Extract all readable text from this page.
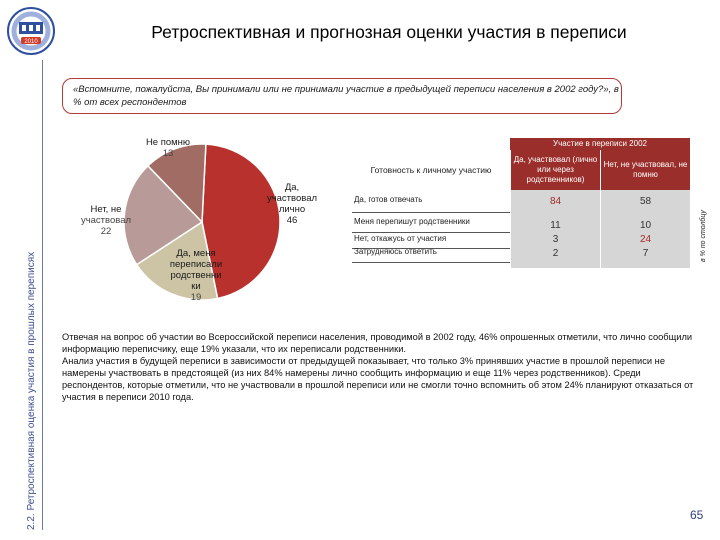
2010	Ретроспективная и прогнозная оценки участия в переписи
2.2. Ретроспективная оценка участия в прошлых переписях
«Вспомните, пожалуйста, Вы принимали или не принимали участие в предыдущей переписи населения в 2002 году?», в % от всех респондентов
Да,
участвовал
лично
46
Да, меня
переписали
родственни
ки
19
Нет, не
участвовал
22
Не помню
13
Участие в переписи 2002
Готовность к личному участию
Да, участвовал (лично или через родственников)
Нет, не участвовал, не помню
Да, готов отвечать	84	58
Меня перепишут родственники	11	10
Нет, откажусь от участия	3	24
Затрудняюсь ответить	2	7	в % по столбцу

Отвечая на вопрос об участии во Всероссийской переписи населения, проводимой в 2002 году, 46% опрошенных отметили, что лично сообщили информацию переписчику, еще 19% указали, что их переписали родственники.

Анализ участия в будущей переписи в зависимости от предыдущей показывает, что только 3% принявших участие в прошлой переписи не намерены участвовать в предстоящей (из них 84% намерены лично сообщить информацию и еще 11% через родственников). Среди респондентов, которые отметили, что не участвовали в прошлой переписи или не смогли точно вспомнить об этом 24% планируют отказаться от участия в переписи 2010 года.

65
